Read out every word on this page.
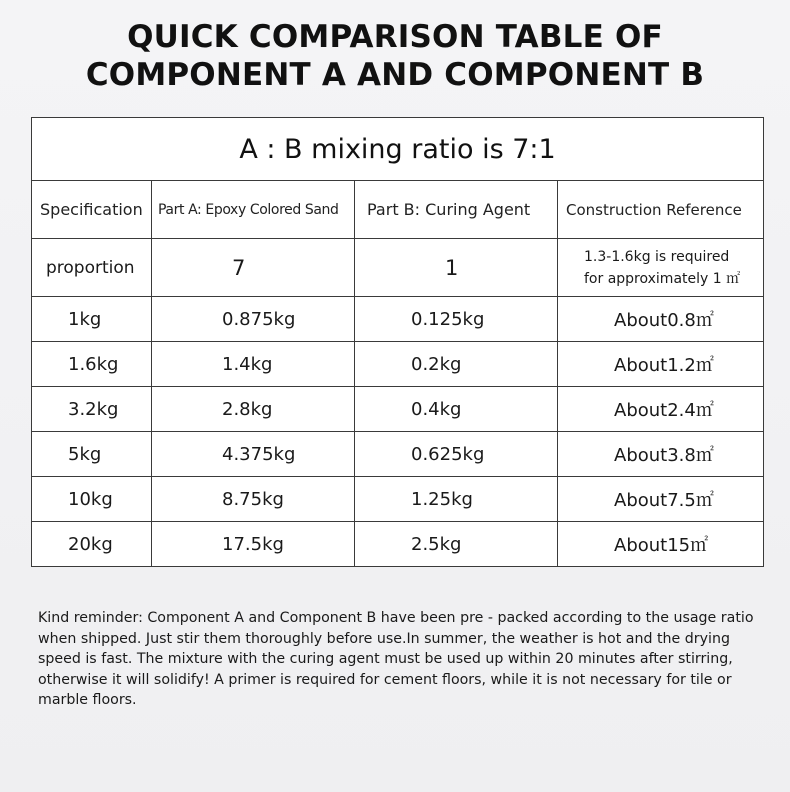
QUICK COMPARISON TABLE OF
COMPONENT A AND COMPONENT B
A : B mixing ratio is 7:1			
Specification	Part A: Epoxy Colored Sand	Part B: Curing Agent	Construction Reference
proportion	7	1	1.3-1.6kg is required
for approximately 1 ㎡

1kg	0.875kg	0.125kg	About0.8㎡
1.6kg	1.4kg	0.2kg	About1.2㎡
3.2kg	2.8kg	0.4kg	About2.4㎡
5kg	4.375kg	0.625kg	About3.8㎡
10kg	8.75kg	1.25kg	About7.5㎡
20kg	17.5kg	2.5kg	About15㎡
Kind reminder: Component A and Component B have been pre - packed according to the usage ratio when shipped. Just stir them thoroughly before use.In summer, the weather is hot and the drying speed is fast. The mixture with the curing agent must be used up within 20 minutes after stirring, otherwise it will solidify! A primer is required for cement floors, while it is not necessary for tile or marble floors.
